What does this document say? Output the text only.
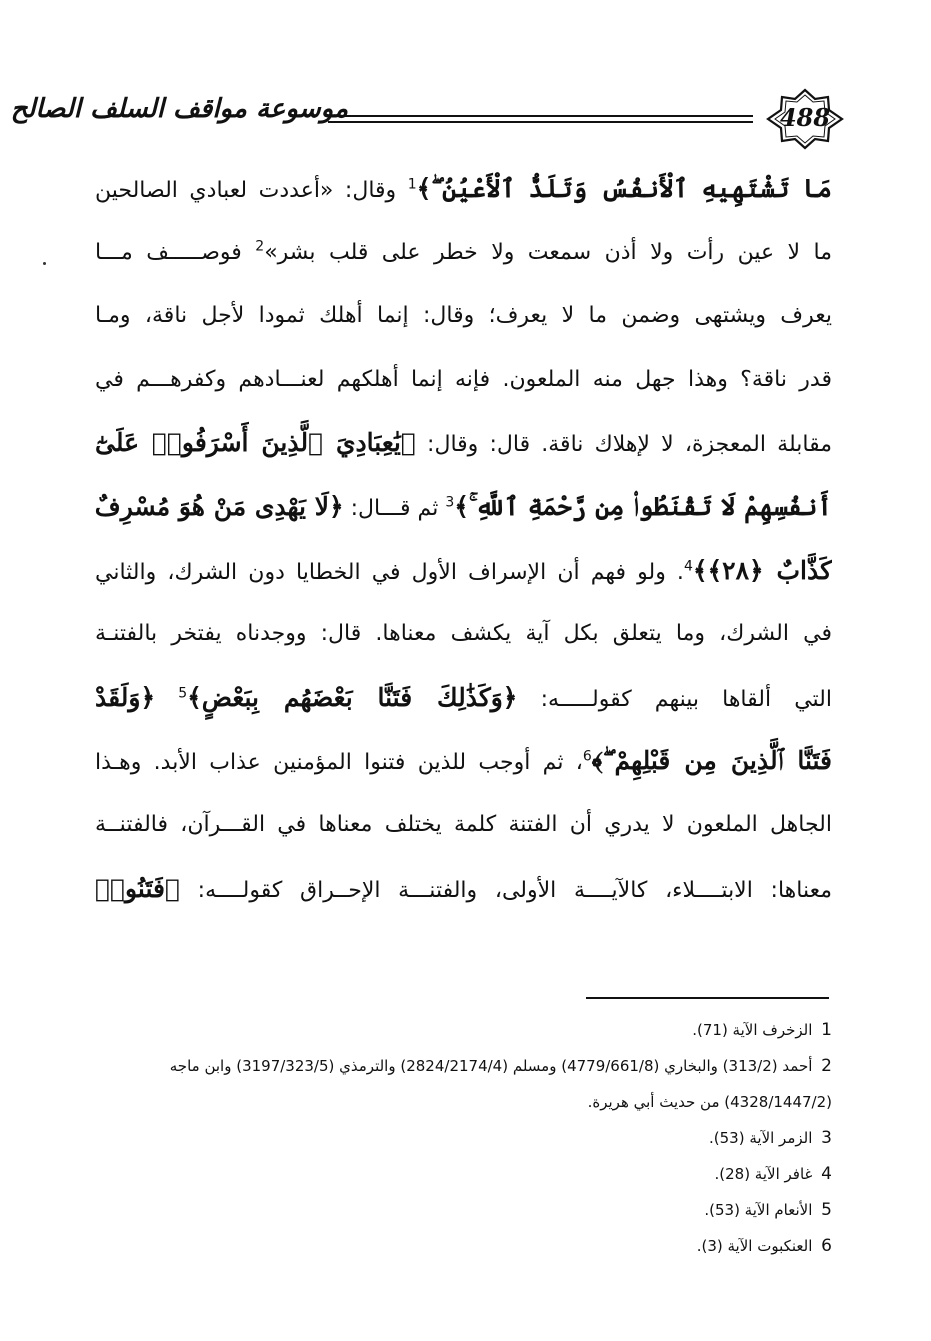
موسوعة مواقف السلف الصالح	488
مَا تَشْتَهِيهِ ٱلْأَنفُسُ وَتَلَذُّ ٱلْأَعْيُنُ ۖ﴾$^1$ وقال: «أعددت لعبادي الصالحين
ما لا عين رأت ولا أذن سمعت ولا خطر على قلب بشر»$^2$ فوصـــــف مـــا
يعرف ويشتهى وضمن ما لا يعرف؛ وقال: إنما أهلك ثمودا لأجل ناقة، ومـا
قدر ناقة؟ وهذا جهل منه الملعون. فإنه إنما أهلكهم لعنـــادهم وكفرهـــم في
مقابلة المعجزة، لا لإهلاك ناقة. قال: وقال: ﴿يَٰعِبَادِيَ ٱلَّذِينَ أَسْرَفُوا۟ عَلَىٰٓ
أَنفُسِهِمْ لَا تَقْنَطُوا۟ مِن رَّحْمَةِ ٱللَّهِ ۚ﴾$^3$ ثم قـــال: ﴿لَا يَهْدِى مَنْ هُوَ مُسْرِفٌ
كَذَّابٌ ﴿٢٨﴾﴾$^4$. ولو فهم أن الإسراف الأول في الخطايا دون الشرك، والثاني
في الشرك، وما يتعلق بكل آية يكشف معناها. قال: ووجدناه يفتخر بالفتنـة
التي ألقاها بينهم كقولـــــه: ﴿وَكَذَٰلِكَ فَتَنَّا بَعْضَهُم بِبَعْضٍ﴾$^5$ ﴿وَلَقَدْ
فَتَنَّا ٱلَّذِينَ مِن قَبْلِهِمْ ۖ﴾$^6$، ثم أوجب للذين فتنوا المؤمنين عذاب الأبد. وهـذا
الجاهل الملعون لا يدري أن الفتنة كلمة يختلف معناها في القـــرآن، فالفتنــة
معناها: الابتــــلاء، كالآيــــة الأولى، والفتنـــة الإحــراق كقولــــه: ﴿فَتَنُوا۟
1 الزخرف الآية (71).
2 أحمد (313/2) والبخاري (4779/661/8) ومسلم (2824/2174/4) والترمذي (3197/323/5) وابن ماجه
(4328/1447/2) من حديث أبي هريرة.
3 الزمر الآية (53).
4 غافر الآية (28).
5 الأنعام الآية (53).
6 العنكبوت الآية (3).
